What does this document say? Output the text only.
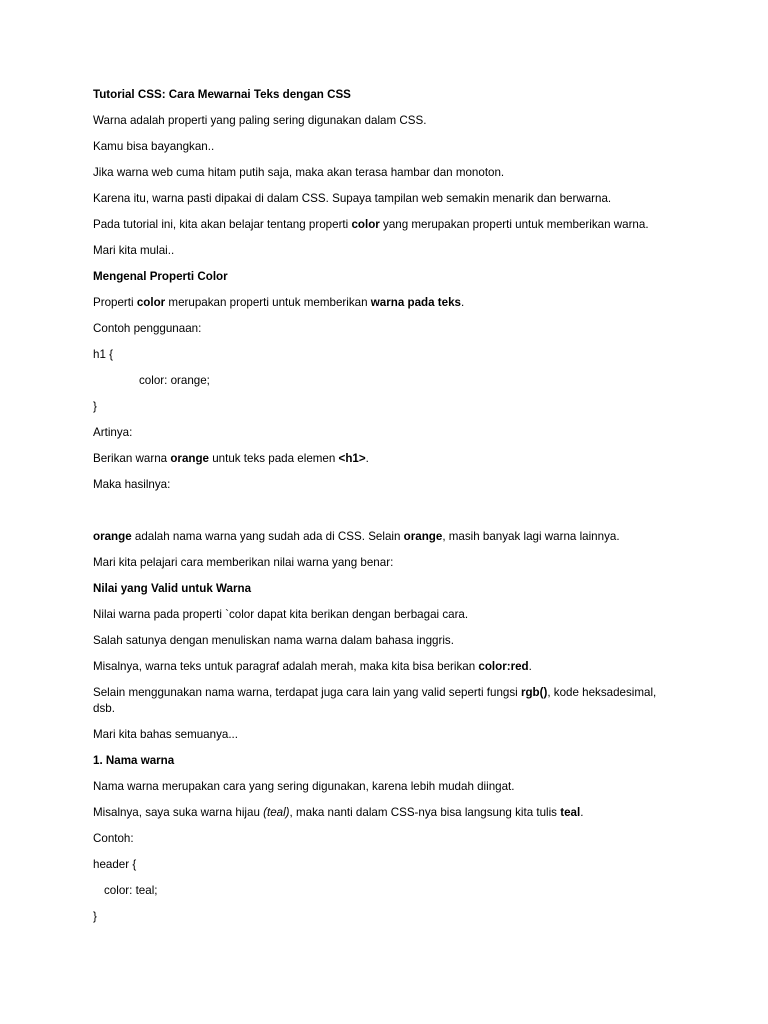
Tutorial CSS: Cara Mewarnai Teks dengan CSS
Warna adalah properti yang paling sering digunakan dalam CSS.
Kamu bisa bayangkan..
Jika warna web cuma hitam putih saja, maka akan terasa hambar dan monoton.
Karena itu, warna pasti dipakai di dalam CSS. Supaya tampilan web semakin menarik dan berwarna.
Pada tutorial ini, kita akan belajar tentang properti color yang merupakan properti untuk memberikan warna.
Mari kita mulai..
Mengenal Properti Color
Properti color merupakan properti untuk memberikan warna pada teks.
Contoh penggunaan:
h1 {
color: orange;
}
Artinya:
Berikan warna orange untuk teks pada elemen <h1>.
Maka hasilnya:
orange adalah nama warna yang sudah ada di CSS. Selain orange, masih banyak lagi warna lainnya.
Mari kita pelajari cara memberikan nilai warna yang benar:
Nilai yang Valid untuk Warna
Nilai warna pada properti `color dapat kita berikan dengan berbagai cara.
Salah satunya dengan menuliskan nama warna dalam bahasa inggris.
Misalnya, warna teks untuk paragraf adalah merah, maka kita bisa berikan color:red.
Selain menggunakan nama warna, terdapat juga cara lain yang valid seperti fungsi rgb(), kode heksadesimal, dsb.
Mari kita bahas semuanya...
1. Nama warna
Nama warna merupakan cara yang sering digunakan, karena lebih mudah diingat.
Misalnya, saya suka warna hijau (teal), maka nanti dalam CSS-nya bisa langsung kita tulis teal.
Contoh:
header {
color: teal;
}
